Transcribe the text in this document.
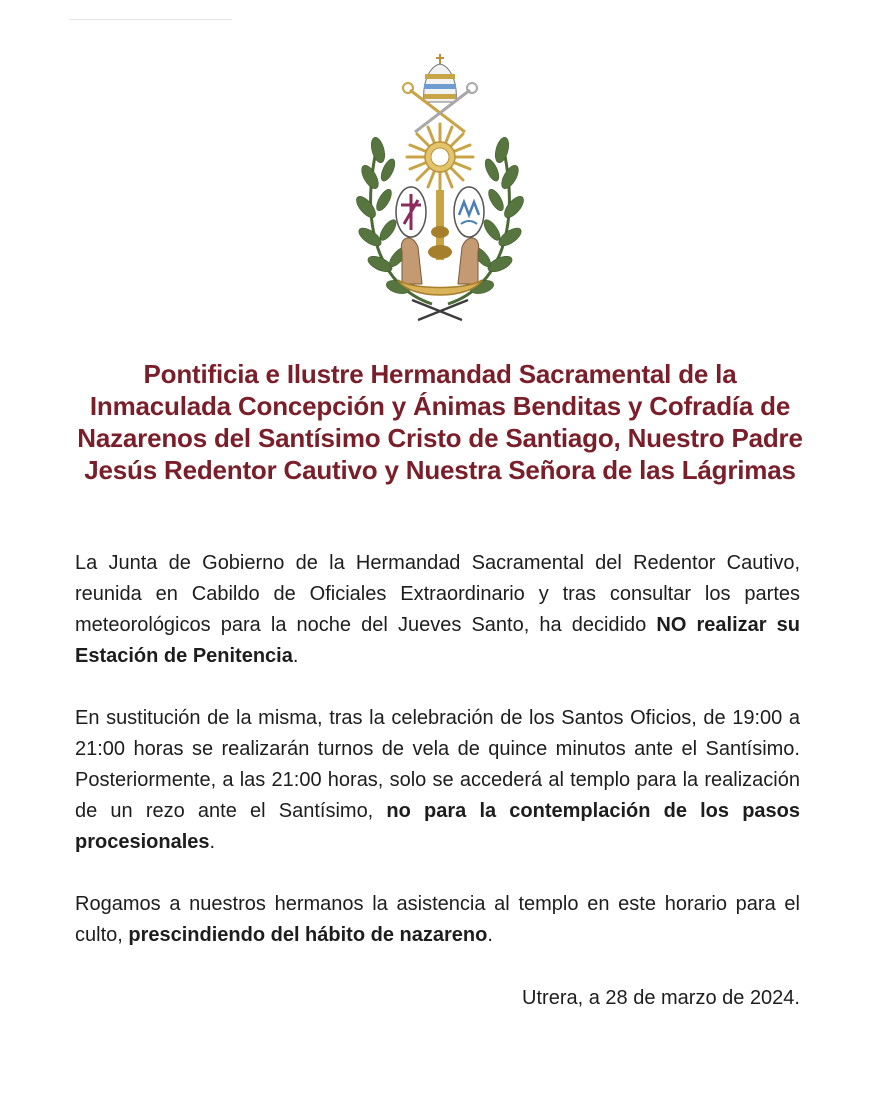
Pontificia e Ilustre Hermandad Sacramental de la
Inmaculada Concepción y Ánimas Benditas y Cofradía de
Nazarenos del Santísimo Cristo de Santiago, Nuestro Padre
Jesús Redentor Cautivo y Nuestra Señora de las Lágrimas

La Junta de Gobierno de la Hermandad Sacramental del Redentor Cautivo, reunida en Cabildo de Oficiales Extraordinario y tras consultar los partes meteorológicos para la noche del Jueves Santo, ha decidido NO realizar su Estación de Penitencia.

En sustitución de la misma, tras la celebración de los Santos Oficios, de 19:00 a 21:00 horas se realizarán turnos de vela de quince minutos ante el Santísimo. Posteriormente, a las 21:00 horas, solo se accederá al templo para la realización de un rezo ante el Santísimo, no para la contemplación de los pasos procesionales.

Rogamos a nuestros hermanos la asistencia al templo en este horario para el culto, prescindiendo del hábito de nazareno.

Utrera, a 28 de marzo de 2024.
